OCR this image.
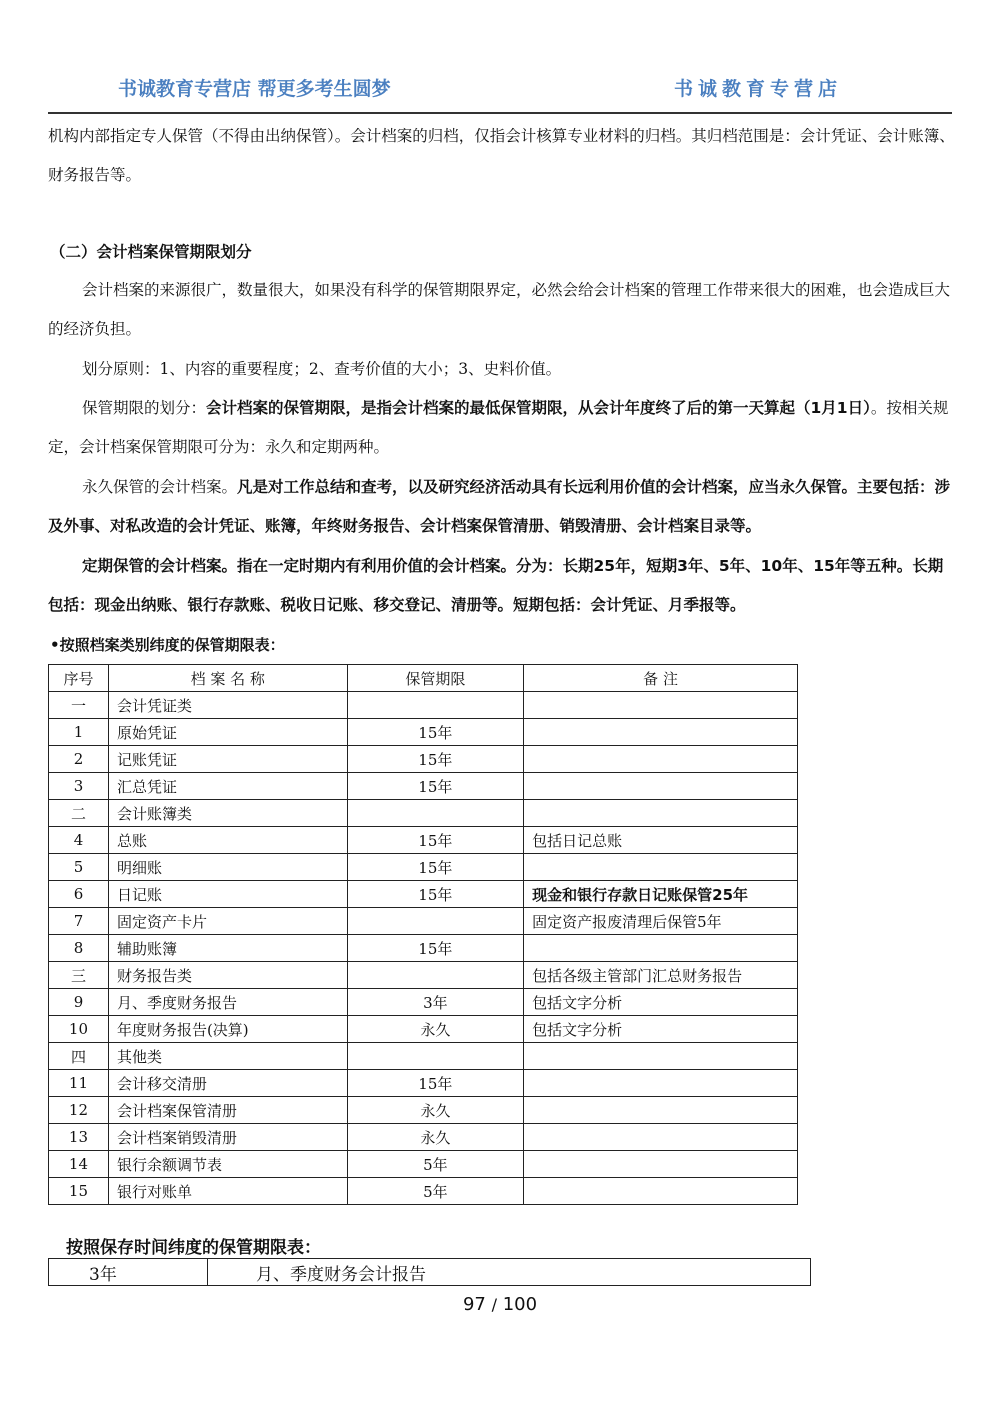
书诚教育专营店 帮更多考生圆梦	书诚教育专营店

机构内部指定专人保管（不得由出纳保管）。会计档案的归档，仅指会计核算专业材料的归档。其归档范围是：会计凭证、会计账簿、财务报告等。

（二）会计档案保管期限划分

会计档案的来源很广，数量很大，如果没有科学的保管期限界定，必然会给会计档案的管理工作带来很大的困难，也会造成巨大的经济负担。

划分原则：1、内容的重要程度；2、查考价值的大小；3、史料价值。

保管期限的划分：会计档案的保管期限，是指会计档案的最低保管期限，从会计年度终了后的第一天算起（1月1日）。按相关规定，会计档案保管期限可分为：永久和定期两种。

永久保管的会计档案。凡是对工作总结和查考，以及研究经济活动具有长远利用价值的会计档案，应当永久保管。主要包括：涉及外事、对私改造的会计凭证、账簿，年终财务报告、会计档案保管清册、销毁清册、会计档案目录等。

定期保管的会计档案。指在一定时期内有利用价值的会计档案。分为：长期25年，短期3年、5年、10年、15年等五种。长期包括：现金出纳账、银行存款账、税收日记账、移交登记、清册等。短期包括：会计凭证、月季报等。

•按照档案类别纬度的保管期限表：
序号	档 案 名 称	保管期限	备 注
一	会计凭证类		
1	原始凭证	15年	
2	记账凭证	15年	
3	汇总凭证	15年	
二	会计账簿类		
4	总账	15年	包括日记总账
5	明细账	15年	
6	日记账	15年	现金和银行存款日记账保管25年
7	固定资产卡片		固定资产报废清理后保管5年
8	辅助账簿	15年	
三	财务报告类		包括各级主管部门汇总财务报告
9	月、季度财务报告	3年	包括文字分析
10	年度财务报告(决算)	永久	包括文字分析
四	其他类		
11	会计移交清册	15年	
12	会计档案保管清册	永久	
13	会计档案销毁清册	永久	
14	银行余额调节表	5年	
15	银行对账单	5年	
按照保存时间纬度的保管期限表：
3年	月、季度财务会计报告
97 / 100
